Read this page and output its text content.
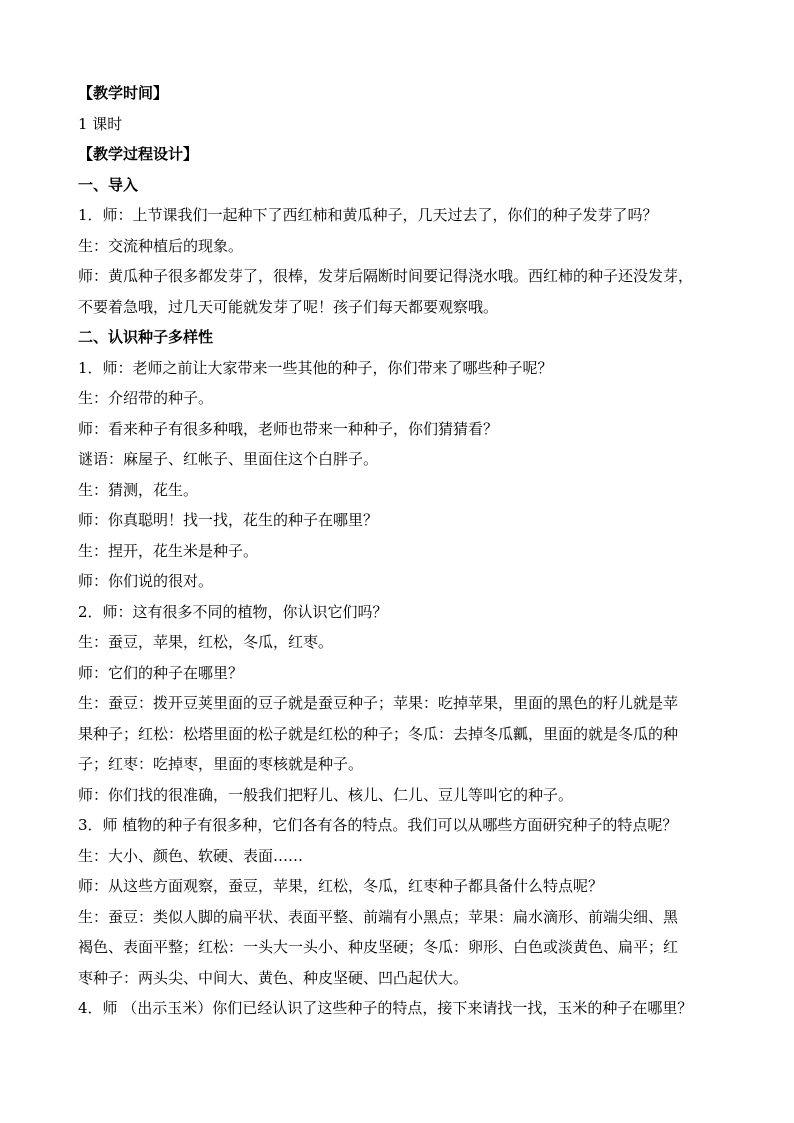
【教学时间】

1 课时

【教学过程设计】

一、导入

1．师：上节课我们一起种下了西红柿和黄瓜种子，几天过去了，你们的种子发芽了吗？

生：交流种植后的现象。

师：黄瓜种子很多都发芽了，很棒，发芽后隔断时间要记得浇水哦。西红柿的种子还没发芽，

不要着急哦，过几天可能就发芽了呢！孩子们每天都要观察哦。

二、认识种子多样性

1．师：老师之前让大家带来一些其他的种子，你们带来了哪些种子呢？

生：介绍带的种子。

师：看来种子有很多种哦，老师也带来一种种子，你们猜猜看？

谜语：麻屋子、红帐子、里面住这个白胖子。

生：猜测，花生。

师：你真聪明！找一找，花生的种子在哪里？

生：捏开，花生米是种子。

师：你们说的很对。

2．师：这有很多不同的植物，你认识它们吗？

生：蚕豆，苹果，红松，冬瓜，红枣。

师：它们的种子在哪里？

生：蚕豆：拨开豆荚里面的豆子就是蚕豆种子；苹果：吃掉苹果，里面的黑色的籽儿就是苹

果种子；红松：松塔里面的松子就是红松的种子；冬瓜：去掉冬瓜瓤，里面的就是冬瓜的种

子；红枣：吃掉枣，里面的枣核就是种子。

师：你们找的很准确，一般我们把籽儿、核儿、仁儿、豆儿等叫它的种子。

3．师 植物的种子有很多种，它们各有各的特点。我们可以从哪些方面研究种子的特点呢？

生：大小、颜色、软硬、表面……

师：从这些方面观察，蚕豆，苹果，红松，冬瓜，红枣种子都具备什么特点呢？

生：蚕豆：类似人脚的扁平状、表面平整、前端有小黑点；苹果：扁水滴形、前端尖细、黑

褐色、表面平整；红松：一头大一头小、种皮坚硬；冬瓜：卵形、白色或淡黄色、扁平；红

枣种子：两头尖、中间大、黄色、种皮坚硬、凹凸起伏大。

4．师 （出示玉米）你们已经认识了这些种子的特点，接下来请找一找，玉米的种子在哪里？
